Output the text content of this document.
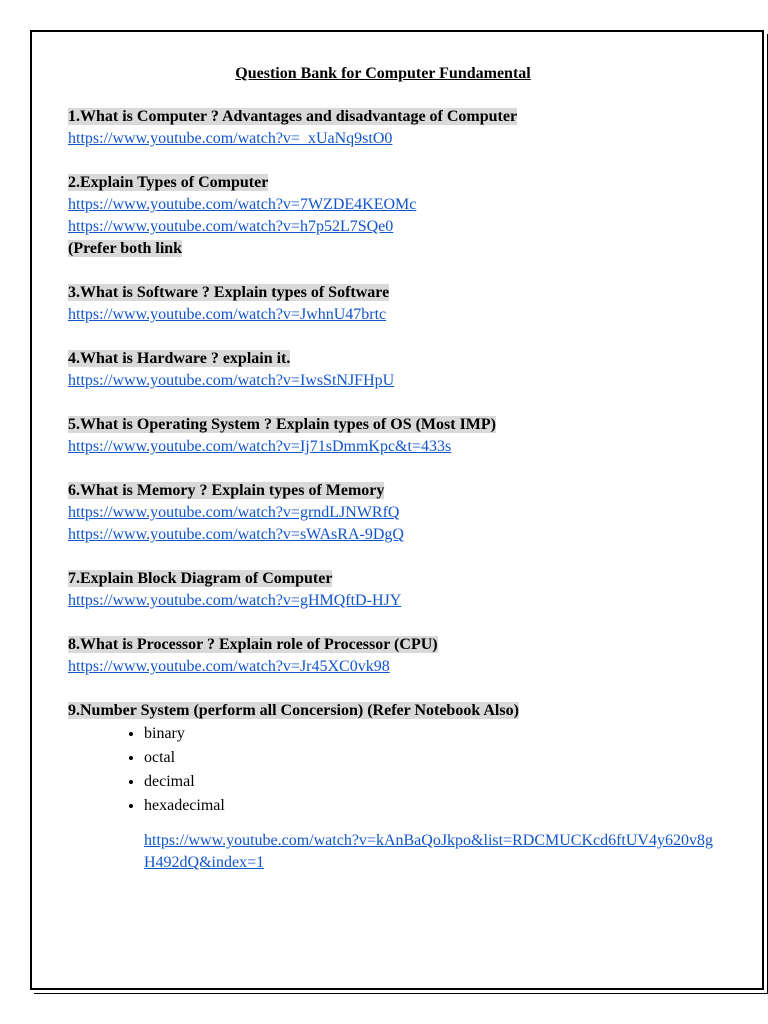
Question Bank for Computer Fundamental
1.What is Computer ? Advantages and disadvantage of Computer
https://www.youtube.com/watch?v=_xUaNq9stO0
2.Explain Types of Computer
https://www.youtube.com/watch?v=7WZDE4KEOMc
https://www.youtube.com/watch?v=h7p52L7SQe0
(Prefer both link
3.What is Software ? Explain types of Software
https://www.youtube.com/watch?v=JwhnU47brtc
4.What is Hardware ? explain it.
https://www.youtube.com/watch?v=IwsStNJFHpU
5.What is Operating System ? Explain types of OS (Most IMP)
https://www.youtube.com/watch?v=Ij71sDmmKpc&t=433s
6.What is Memory ? Explain types of Memory
https://www.youtube.com/watch?v=grndLJNWRfQ
https://www.youtube.com/watch?v=sWAsRA-9DgQ
7.Explain Block Diagram of Computer
https://www.youtube.com/watch?v=gHMQftD-HJY
8.What is Processor ? Explain role of Processor (CPU)
https://www.youtube.com/watch?v=Jr45XC0vk98
9.Number System (perform all Concersion) (Refer Notebook Also)
• binary
• octal
• decimal
• hexadecimal
https://www.youtube.com/watch?v=kAnBaQoJkpo&list=RDCMUCKcd6ftUV4y620v8gH492dQ&index=1
